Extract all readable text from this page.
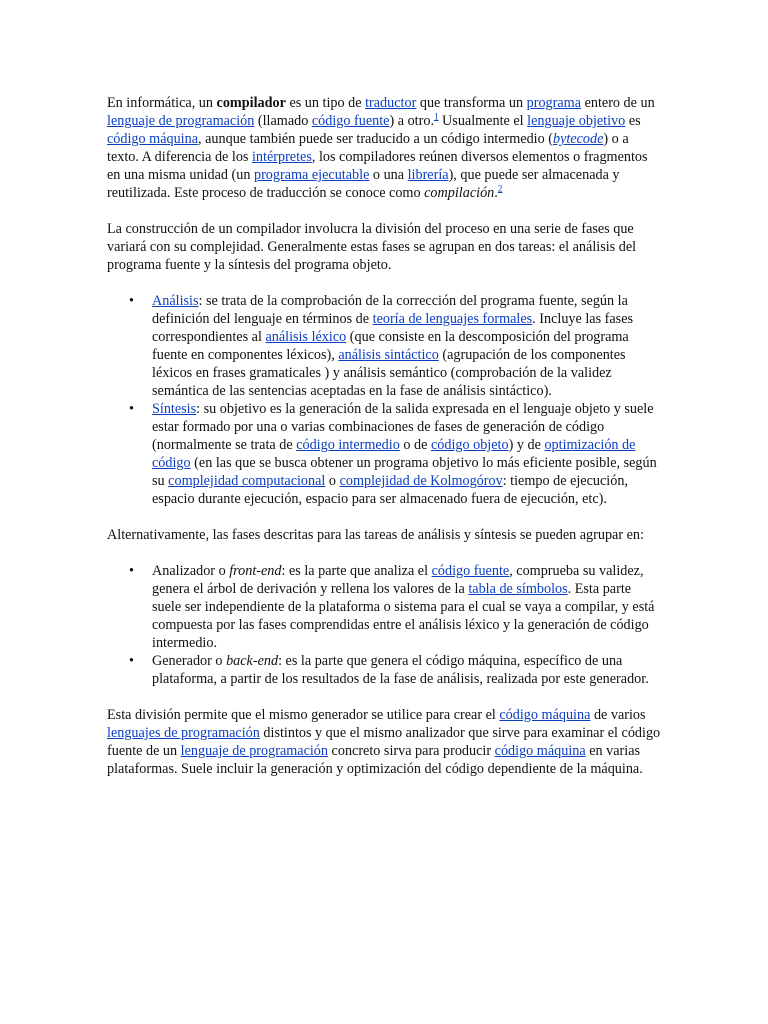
En informática, un compilador es un tipo de traductor que transforma un programa entero de un lenguaje de programación (llamado código fuente) a otro.$^1$ Usualmente el lenguaje objetivo es código máquina, aunque también puede ser traducido a un código intermedio (bytecode) o a texto. A diferencia de los intérpretes, los compiladores reúnen diversos elementos o fragmentos en una misma unidad (un programa ejecutable o una librería), que puede ser almacenada y reutilizada. Este proceso de traducción se conoce como compilación.$^2$

La construcción de un compilador involucra la división del proceso en una serie de fases que variará con su complejidad. Generalmente estas fases se agrupan en dos tareas: el análisis del programa fuente y la síntesis del programa objeto.

• Análisis: se trata de la comprobación de la corrección del programa fuente, según la definición del lenguaje en términos de teoría de lenguajes formales. Incluye las fases correspondientes al análisis léxico (que consiste en la descomposición del programa fuente en componentes léxicos), análisis sintáctico (agrupación de los componentes léxicos en frases gramaticales ) y análisis semántico (comprobación de la validez semántica de las sentencias aceptadas en la fase de análisis sintáctico).
• Síntesis: su objetivo es la generación de la salida expresada en el lenguaje objeto y suele estar formado por una o varias combinaciones de fases de generación de código (normalmente se trata de código intermedio o de código objeto) y de optimización de código (en las que se busca obtener un programa objetivo lo más eficiente posible, según su complejidad computacional o complejidad de Kolmogórov: tiempo de ejecución, espacio durante ejecución, espacio para ser almacenado fuera de ejecución, etc).

Alternativamente, las fases descritas para las tareas de análisis y síntesis se pueden agrupar en:

• Analizador o front-end: es la parte que analiza el código fuente, comprueba su validez, genera el árbol de derivación y rellena los valores de la tabla de símbolos. Esta parte suele ser independiente de la plataforma o sistema para el cual se vaya a compilar, y está compuesta por las fases comprendidas entre el análisis léxico y la generación de código intermedio.
• Generador o back-end: es la parte que genera el código máquina, específico de una plataforma, a partir de los resultados de la fase de análisis, realizada por este generador.

Esta división permite que el mismo generador se utilice para crear el código máquina de varios lenguajes de programación distintos y que el mismo analizador que sirve para examinar el código fuente de un lenguaje de programación concreto sirva para producir código máquina en varias plataformas. Suele incluir la generación y optimización del código dependiente de la máquina.
